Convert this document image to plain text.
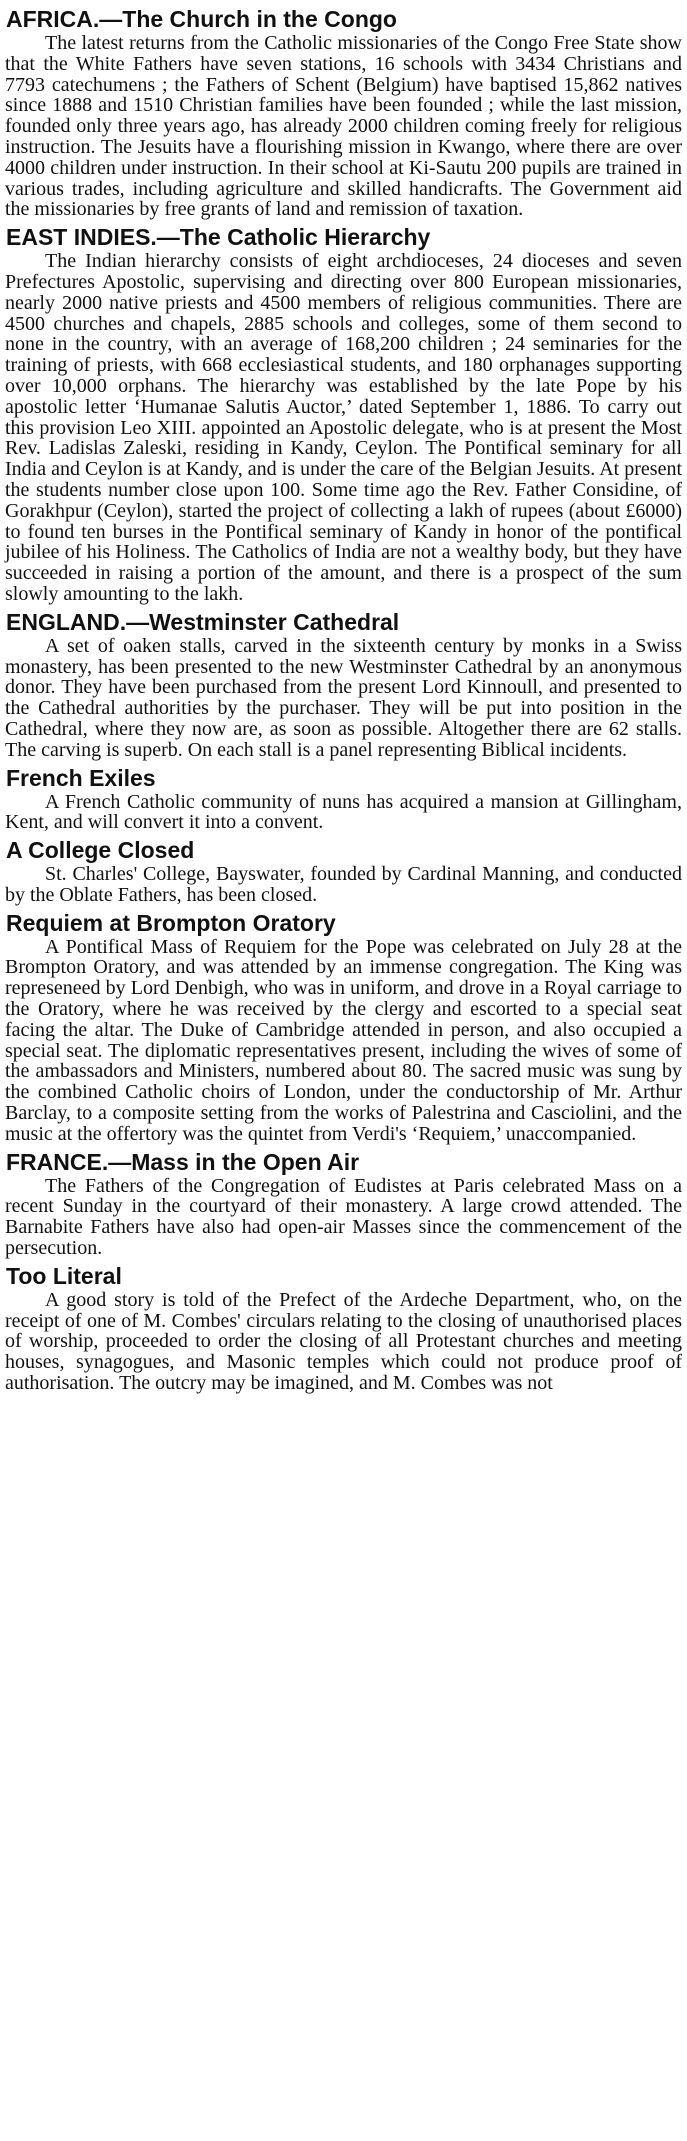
AFRICA.—The Church in the Congo

The latest returns from the Catholic missionaries of the Congo Free State show that the White Fathers have seven stations, 16 schools with 3434 Christians and 7793 catechumens ; the Fathers of Schent (Belgium) have baptised 15,862 natives since 1888 and 1510 Christian families have been founded ; while the last mission, founded only three years ago, has already 2000 children coming freely for religious instruction. The Jesuits have a flourishing mission in Kwango, where there are over 4000 children under instruction. In their school at Ki-Sautu 200 pupils are trained in various trades, including agriculture and skilled handicrafts. The Government aid the missionaries by free grants of land and remission of taxation.

EAST INDIES.—The Catholic Hierarchy

The Indian hierarchy consists of eight archdioceses, 24 dioceses and seven Prefectures Apostolic, supervising and directing over 800 European missionaries, nearly 2000 native priests and 4500 members of religious communities. There are 4500 churches and chapels, 2885 schools and colleges, some of them second to none in the country, with an average of 168,200 children ; 24 seminaries for the training of priests, with 668 ecclesiastical students, and 180 orphanages supporting over 10,000 orphans. The hierarchy was established by the late Pope by his apostolic letter ‘Humanae Salutis Auctor,’ dated September 1, 1886. To carry out this provision Leo XIII. appointed an Apostolic delegate, who is at present the Most Rev. Ladislas Zaleski, residing in Kandy, Ceylon. The Pontifical seminary for all India and Ceylon is at Kandy, and is under the care of the Belgian Jesuits. At present the students number close upon 100. Some time ago the Rev. Father Considine, of Gorakhpur (Ceylon), started the project of collecting a lakh of rupees (about £6000) to found ten burses in the Pontifical seminary of Kandy in honor of the pontifical jubilee of his Holiness. The Catholics of India are not a wealthy body, but they have succeeded in raising a portion of the amount, and there is a prospect of the sum slowly amounting to the lakh.

ENGLAND.—Westminster Cathedral

A set of oaken stalls, carved in the sixteenth century by monks in a Swiss monastery, has been presented to the new Westminster Cathedral by an anonymous donor. They have been purchased from the present Lord Kinnoull, and presented to the Cathedral authorities by the purchaser. They will be put into position in the Cathedral, where they now are, as soon as possible. Altogether there are 62 stalls. The carving is superb. On each stall is a panel representing Biblical incidents.

French Exiles

A French Catholic community of nuns has acquired a mansion at Gillingham, Kent, and will convert it into a convent.

A College Closed

St. Charles' College, Bayswater, founded by Cardinal Manning, and conducted by the Oblate Fathers, has been closed.

Requiem at Brompton Oratory

A Pontifical Mass of Requiem for the Pope was celebrated on July 28 at the Brompton Oratory, and was attended by an immense congregation. The King was represeneed by Lord Denbigh, who was in uniform, and drove in a Royal carriage to the Oratory, where he was received by the clergy and escorted to a special seat facing the altar. The Duke of Cambridge attended in person, and also occupied a special seat. The diplomatic representatives present, including the wives of some of the ambassadors and Ministers, numbered about 80. The sacred music was sung by the combined Catholic choirs of London, under the conductorship of Mr. Arthur Barclay, to a composite setting from the works of Palestrina and Casciolini, and the music at the offertory was the quintet from Verdi's ‘Requiem,’ unaccompanied.

FRANCE.—Mass in the Open Air

The Fathers of the Congregation of Eudistes at Paris celebrated Mass on a recent Sunday in the courtyard of their monastery. A large crowd attended. The Barnabite Fathers have also had open-air Masses since the commencement of the persecution.

Too Literal

A good story is told of the Prefect of the Ardeche Department, who, on the receipt of one of M. Combes' circulars relating to the closing of unauthorised places of worship, proceeded to order the closing of all Protestant churches and meeting houses, synagogues, and Masonic temples which could not produce proof of authorisation. The outcry may be imagined, and M. Combes was not
